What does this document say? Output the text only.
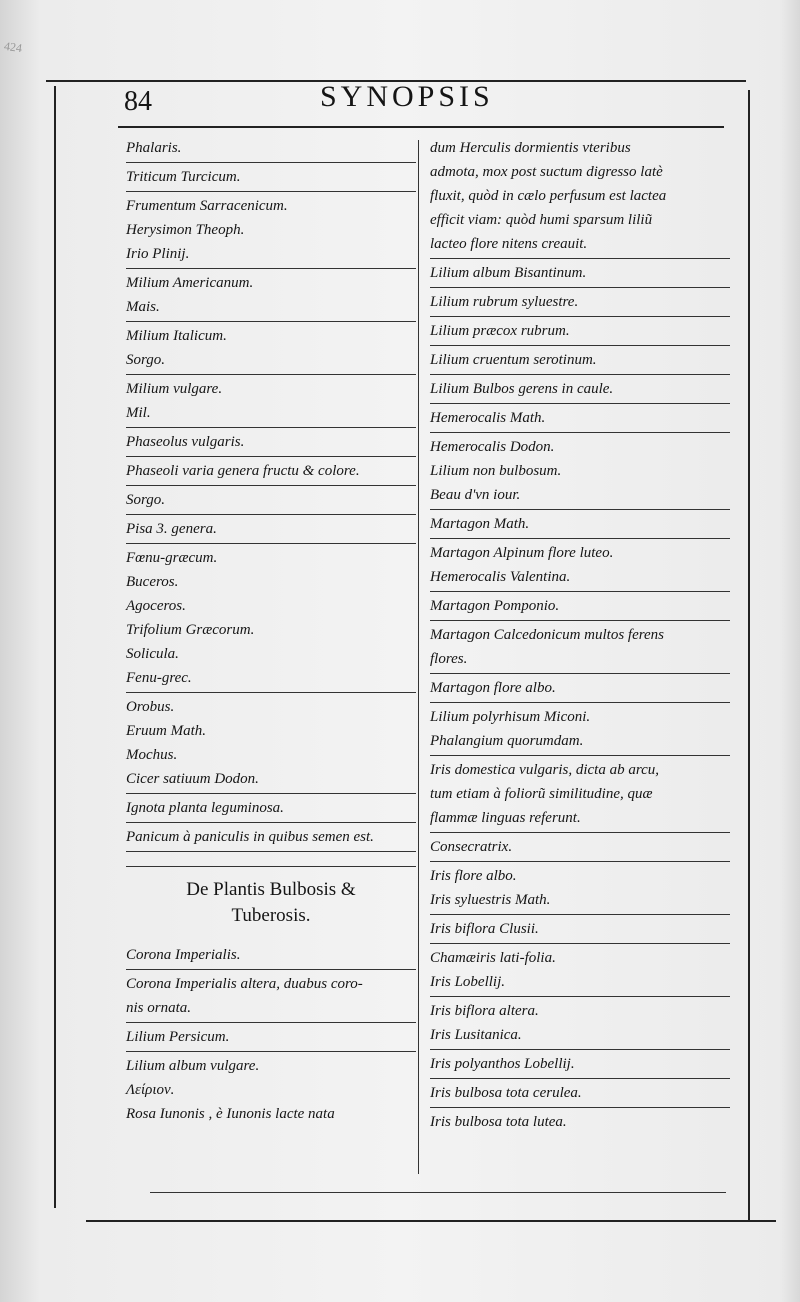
424
84	SYNOPSIS
Phalaris.
Triticum Turcicum.
Frumentum Sarracenicum.
Herysimon Theoph.
Irio Plinij.
Milium Americanum.
Mais.
Milium Italicum.
Sorgo.
Milium vulgare.
Mil.
Phaseolus vulgaris.
Phaseoli varia genera fructu & colore.
Sorgo.
Pisa 3. genera.
Fœnu-græcum.
Buceros.
Agoceros.
Trifolium Græcorum.
Solicula.
Fenu-grec.
Orobus.
Eruum Math.
Mochus.
Cicer satiuum Dodon.
Ignota planta leguminosa.
Panicum à paniculis in quibus semen est.
De Plantis Bulbosis &
Tuberosis.
Corona Imperialis.
Corona Imperialis altera, duabus coro-
nis ornata.
Lilium Persicum.
Lilium album vulgare.
Λείριον.
Rosa Iunonis , è Iunonis lacte nata
dum Herculis dormientis vteribus
admota, mox post suctum digresso latè
fluxit, quòd in cælo perfusum est lactea
efficit viam: quòd humi sparsum liliũ
lacteo flore nitens creauit.
Lilium album Bisantinum.
Lilium rubrum syluestre.
Lilium præcox rubrum.
Lilium cruentum serotinum.
Lilium Bulbos gerens in caule.
Hemerocalis Math.
Hemerocalis Dodon.
Lilium non bulbosum.
Beau d'vn iour.
Martagon Math.
Martagon Alpinum flore luteo.
Hemerocalis Valentina.
Martagon Pomponio.
Martagon Calcedonicum multos ferens
flores.
Martagon flore albo.
Lilium polyrhisum Miconi.
Phalangium quorumdam.
Iris domestica vulgaris, dicta ab arcu,
tum etiam à foliorũ similitudine, quæ
flammæ linguas referunt.
Consecratrix.
Iris flore albo.
Iris syluestris Math.
Iris biflora Clusii.
Chamæiris lati-folia.
Iris Lobellij.
Iris biflora altera.
Iris Lusitanica.
Iris polyanthos Lobellij.
Iris bulbosa tota cerulea.
Iris bulbosa tota lutea.
